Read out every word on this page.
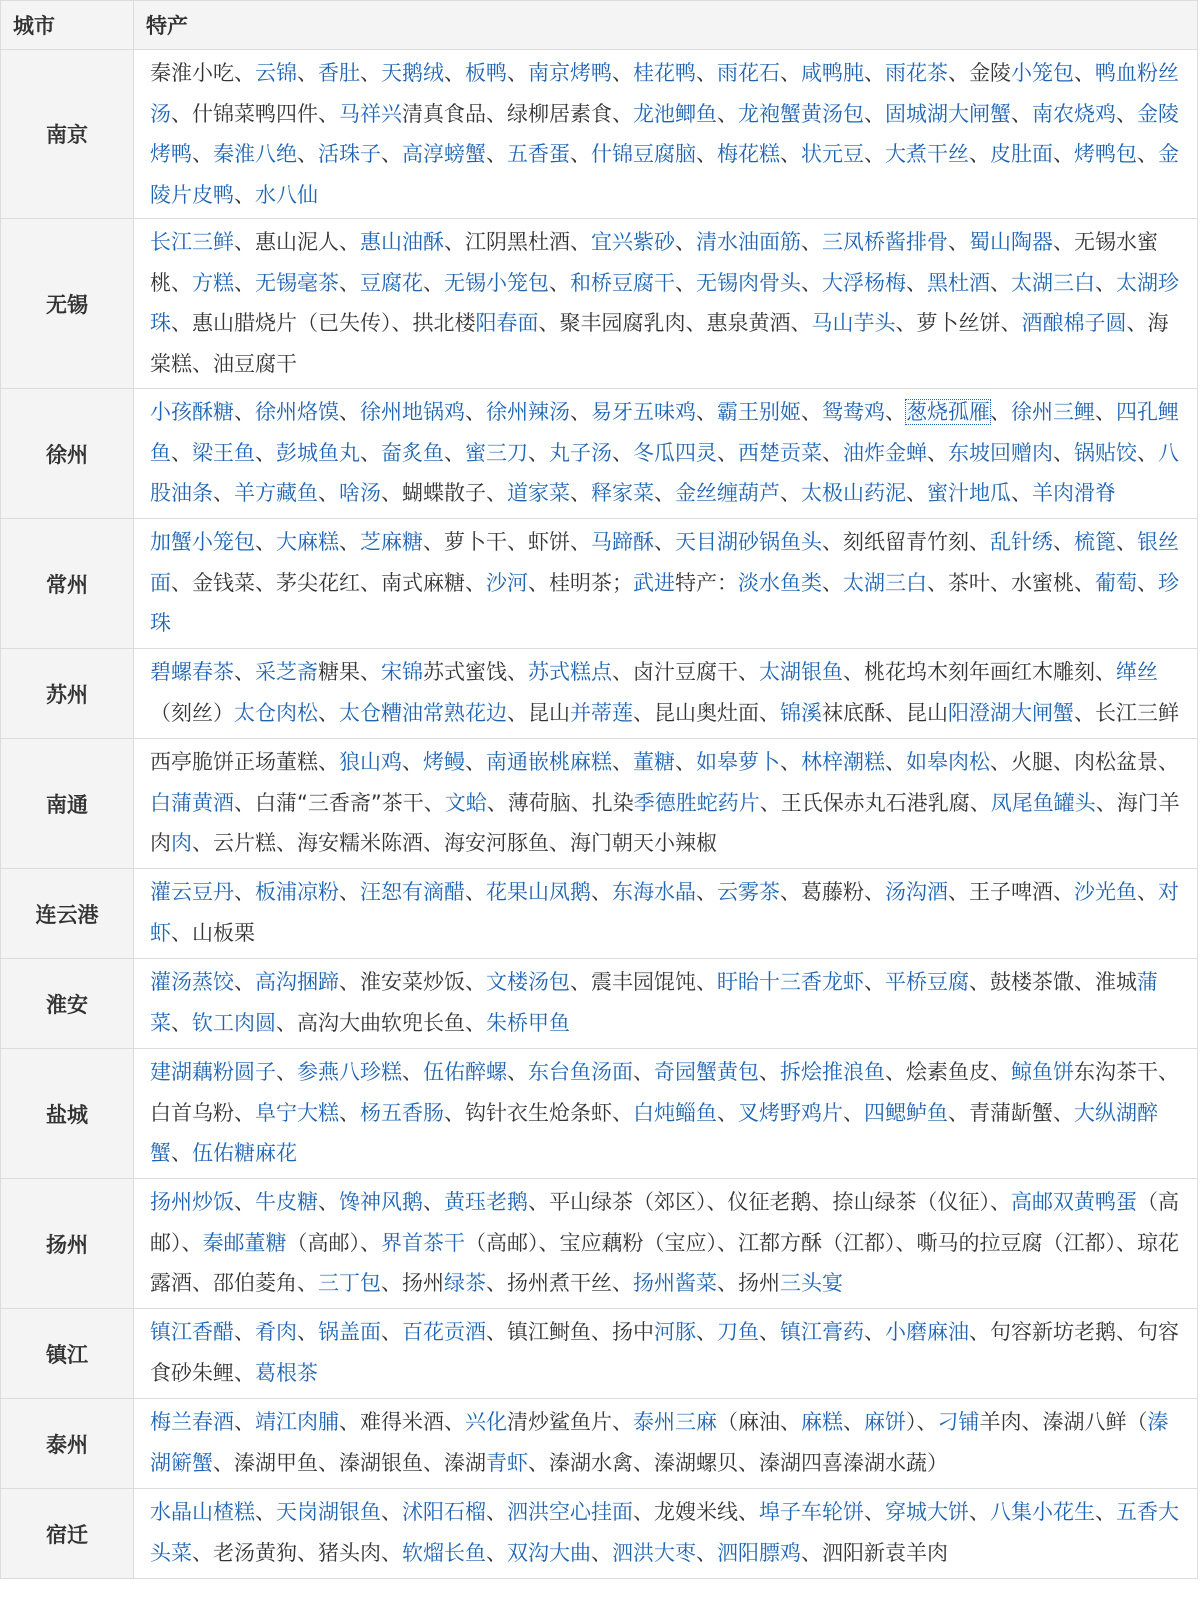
城市	特产
南京	秦淮小吃、云锦、香肚、天鹅绒、板鸭、南京烤鸭、桂花鸭、雨花石、咸鸭肫、雨花茶、金陵小笼包、鸭血粉丝汤、什锦菜鸭四件、马祥兴清真食品、绿柳居素食、龙池鲫鱼、龙袍蟹黄汤包、固城湖大闸蟹、南农烧鸡、金陵烤鸭、秦淮八绝、活珠子、高淳螃蟹、五香蛋、什锦豆腐脑、梅花糕、状元豆、大煮干丝、皮肚面、烤鸭包、金陵片皮鸭、水八仙
无锡	长江三鲜、惠山泥人、惠山油酥、江阴黑杜酒、宜兴紫砂、清水油面筋、三凤桥酱排骨、蜀山陶器、无锡水蜜桃、方糕、无锡毫茶、豆腐花、无锡小笼包、和桥豆腐干、无锡肉骨头、大浮杨梅、黑杜酒、太湖三白、太湖珍珠、惠山腊烧片（已失传）、拱北楼阳春面、聚丰园腐乳肉、惠泉黄酒、马山芋头、萝卜丝饼、酒酿棉子圆、海棠糕、油豆腐干
徐州	小孩酥糖、徐州烙馍、徐州地锅鸡、徐州辣汤、易牙五味鸡、霸王别姬、鸳鸯鸡、葱烧孤雁、徐州三鲤、四孔鲤鱼、梁王鱼、彭城鱼丸、奤炙鱼、蜜三刀、丸子汤、冬瓜四灵、西楚贡菜、油炸金蝉、东坡回赠肉、锅贴饺、八股油条、羊方藏鱼、啥汤、蝴蝶散子、道家菜、释家菜、金丝缠葫芦、太极山药泥、蜜汁地瓜、羊肉滑脊
常州	加蟹小笼包、大麻糕、芝麻糖、萝卜干、虾饼、马蹄酥、天目湖砂锅鱼头、刻纸留青竹刻、乱针绣、梳篦、银丝面、金钱菜、茅尖花红、南式麻糖、沙河、桂明茶；武进特产：淡水鱼类、太湖三白、茶叶、水蜜桃、葡萄、珍珠
苏州	碧螺春茶、采芝斋糖果、宋锦苏式蜜饯、苏式糕点、卤汁豆腐干、太湖银鱼、桃花坞木刻年画红木雕刻、缂丝（刻丝）太仓肉松、太仓糟油常熟花边、昆山并蒂莲、昆山奥灶面、锦溪袜底酥、昆山阳澄湖大闸蟹、长江三鲜
南通	西亭脆饼正场董糕、狼山鸡、烤鳗、南通嵌桃麻糕、董糖、如皋萝卜、林梓潮糕、如皋肉松、火腿、肉松盆景、白蒲黄酒、白蒲“三香斋”茶干、文蛤、薄荷脑、扎染季德胜蛇药片、王氏保赤丸石港乳腐、凤尾鱼罐头、海门羊肉肉、云片糕、海安糯米陈酒、海安河豚鱼、海门朝天小辣椒
连云港	灌云豆丹、板浦凉粉、汪恕有滴醋、花果山凤鹅、东海水晶、云雾茶、葛藤粉、汤沟酒、王子啤酒、沙光鱼、对虾、山板栗
淮安	灌汤蒸饺、高沟捆蹄、淮安菜炒饭、文楼汤包、震丰园馄饨、盱眙十三香龙虾、平桥豆腐、鼓楼茶馓、淮城蒲菜、钦工肉圆、高沟大曲软兜长鱼、朱桥甲鱼
盐城	建湖藕粉圆子、参燕八珍糕、伍佑醉螺、东台鱼汤面、奇园蟹黄包、拆烩推浪鱼、烩素鱼皮、鲸鱼饼东沟茶干、白首乌粉、阜宁大糕、杨五香肠、钩针衣生炝条虾、白炖鲻鱼、叉烤野鸡片、四鳃鲈鱼、青蒲龂蟹、大纵湖醉蟹、伍佑糖麻花
扬州	扬州炒饭、牛皮糖、馋神风鹅、黄珏老鹅、平山绿茶（郊区）、仪征老鹅、捺山绿茶（仪征）、高邮双黄鸭蛋（高邮）、秦邮董糖（高邮）、界首茶干（高邮）、宝应藕粉（宝应）、江都方酥（江都）、嘶马的拉豆腐（江都）、琼花露酒、邵伯菱角、三丁包、扬州绿茶、扬州煮干丝、扬州酱菜、扬州三头宴
镇江	镇江香醋、肴肉、锅盖面、百花贡酒、镇江鲥鱼、扬中河豚、刀鱼、镇江膏药、小磨麻油、句容新坊老鹅、句容食砂朱鲤、葛根茶
泰州	梅兰春酒、靖江肉脯、难得米酒、兴化清炒鲨鱼片、泰州三麻（麻油、麻糕、麻饼）、刁铺羊肉、溱湖八鲜（溱湖簖蟹、溱湖甲鱼、溱湖银鱼、溱湖青虾、溱湖水禽、溱湖螺贝、溱湖四喜溱湖水蔬）
宿迁	水晶山楂糕、天岗湖银鱼、沭阳石榴、泗洪空心挂面、龙嫂米线、埠子车轮饼、穿城大饼、八集小花生、五香大头菜、老汤黄狗、猪头肉、软熘长鱼、双沟大曲、泗洪大枣、泗阳膘鸡、泗阳新袁羊肉
